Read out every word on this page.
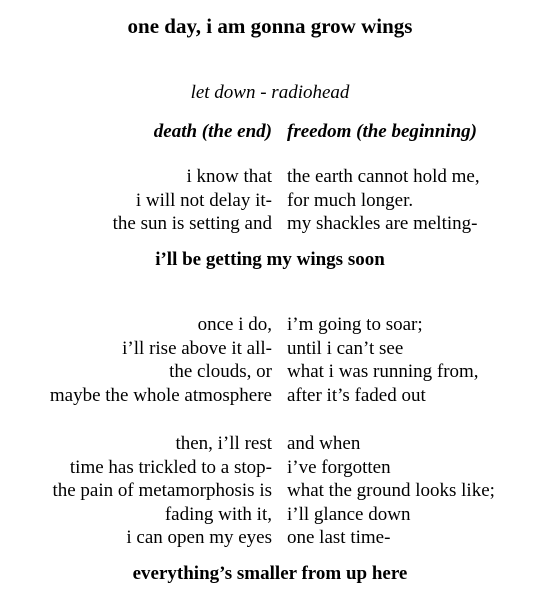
one day, i am gonna grow wings
let down - radiohead
death (the end) freedom (the beginning)
i know that the earth cannot hold me,
i will not delay it- for much longer.
the sun is setting and my shackles are melting-
i’ll be getting my wings soon
once i do, i’m going to soar;
i’ll rise above it all- until i can’t see
the clouds, or what i was running from,
maybe the whole atmosphere after it’s faded out
then, i’ll rest and when
time has trickled to a stop- i’ve forgotten
the pain of metamorphosis is what the ground looks like;
fading with it, i’ll glance down
i can open my eyes one last time-
everything’s smaller from up here
